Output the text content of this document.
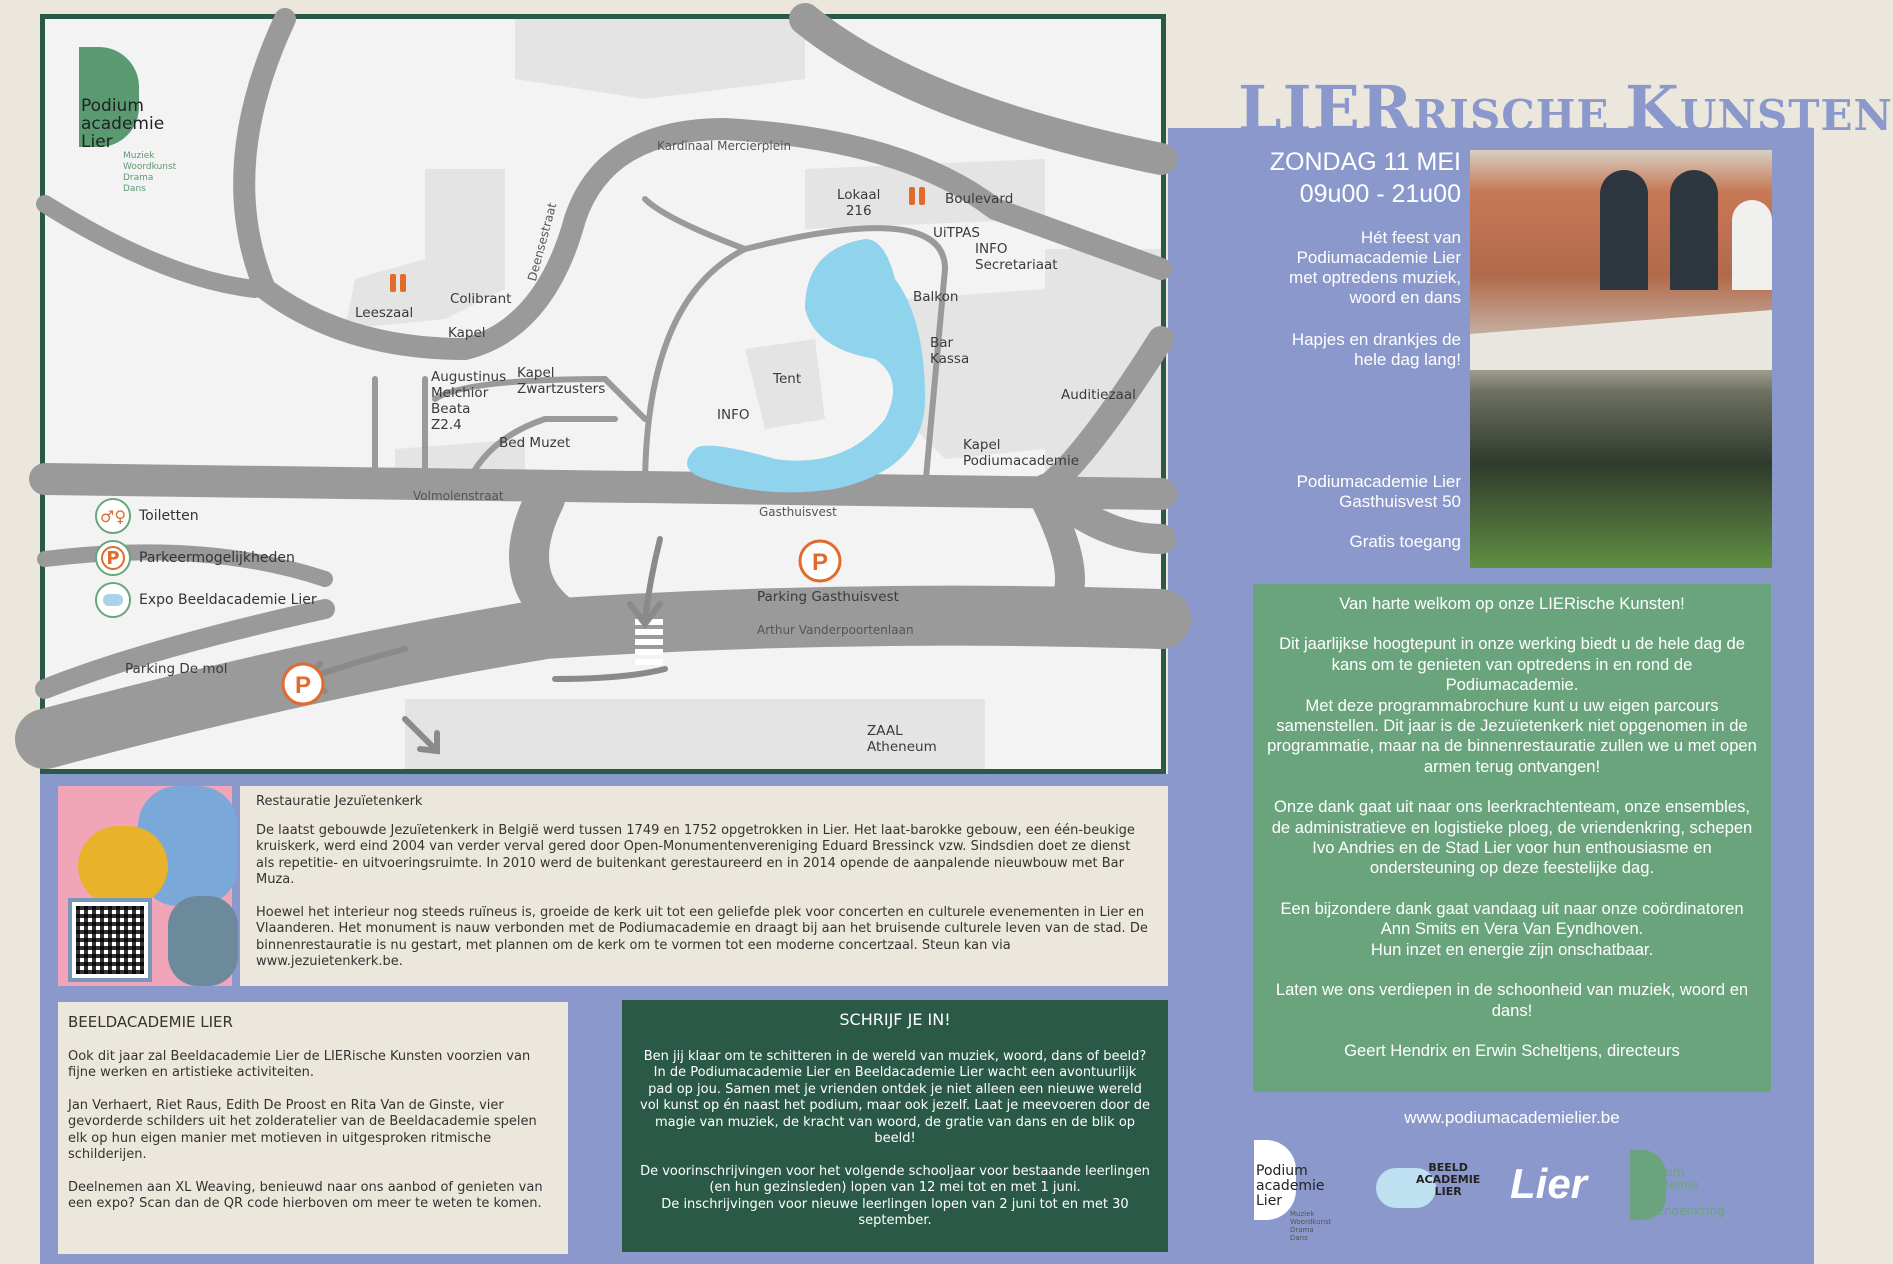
P
P
Podium
academie
Lier
Muziek
Woordkunst
Drama
Dans
Kardinaal Mercierplein
Lokaal
216
Boulevard
UiTPAS
INFO
Secretariaat
Balkon
Bar
Kassa
Tent
INFO
Auditiezaal
Kapel
Podiumacademie
Leeszaal
Colibrant
Kapel
Deensestraat
Augustinus
Melchior
Beata
Z2.4
Kapel
Zwartzusters
Bed Muzet
Volmolenstraat
Gasthuisvest
Parking Gasthuisvest
Arthur Vanderpoortenlaan
Parking De mol
ZAAL
Atheneum
♂♀ Toiletten
P	Parkeermogelijkheden
Expo Beeldacademie Lier
LIERRISCHE KUNSTEN
ZONDAG 11 MEI
09u00 - 21u00
Hét feest van
Podiumacademie Lier
met optredens muziek,
woord en dans
Hapjes en drankjes de
hele dag lang!
Podiumacademie Lier
Gasthuisvest 50
Gratis toegang

Van harte welkom op onze LIERische Kunsten!

Dit jaarlijkse hoogtepunt in onze werking biedt u de hele dag de kans om te genieten van optredens in en rond de Podiumacademie.
Met deze programmabrochure kunt u uw eigen parcours samenstellen. Dit jaar is de Jezuïetenkerk niet opgenomen in de programmatie, maar na de binnenrestauratie zullen we u met open armen terug ontvangen!

Onze dank gaat uit naar ons leerkrachtenteam, onze ensembles, de administratieve en logistieke ploeg, de vriendenkring, schepen Ivo Andries en de Stad Lier voor hun enthousiasme en ondersteuning op deze feestelijke dag.

Een bijzondere dank gaat vandaag uit naar onze coördinatoren Ann Smits en Vera Van Eyndhoven.
Hun inzet en energie zijn onschatbaar.

Laten we ons verdiepen in de schoonheid van muziek, woord en dans!

Geert Hendrix en Erwin Scheltjens, directeurs

www.podiumacademielier.be
Podium
academie
Lier
Muziek
Woordkunst
Drama
Dans
BEELD
ACADEMIE
LIER	Lier	Podium
academie
Lier
Vriendenkring

Restauratie Jezuïetenkerk

De laatst gebouwde Jezuïetenkerk in België werd tussen 1749 en 1752 opgetrokken in Lier. Het laat-barokke gebouw, een één-beukige kruiskerk, werd eind 2004 van verder verval gered door Open-Monumentenvereniging Eduard Bressinck vzw. Sindsdien doet ze dienst als repetitie- en uitvoeringsruimte. In 2010 werd de buitenkant gerestaureerd en in 2014 opende de aanpalende nieuwbouw met Bar Muza.

Hoewel het interieur nog steeds ruïneus is, groeide de kerk uit tot een geliefde plek voor concerten en culturele evenementen in Lier en Vlaanderen. Het monument is nauw verbonden met de Podiumacademie en draagt bij aan het bruisende culturele leven van de stad. De binnenrestauratie is nu gestart, met plannen om de kerk om te vormen tot een moderne concertzaal. Steun kan via www.jezuietenkerk.be.

BEELDACADEMIE LIER

Ook dit jaar zal Beeldacademie Lier de LIERische Kunsten voorzien van fijne werken en artistieke activiteiten.

Jan Verhaert, Riet Raus, Edith De Proost en Rita Van de Ginste, vier gevorderde schilders uit het zolderatelier van de Beeldacademie spelen elk op hun eigen manier met motieven in uitgesproken ritmische schilderijen.

Deelnemen aan XL Weaving, benieuwd naar ons aanbod of genieten van een expo? Scan dan de QR code hierboven om meer te weten te komen.

SCHRIJF JE IN!

Ben jij klaar om te schitteren in de wereld van muziek, woord, dans of beeld? In de Podiumacademie Lier en Beeldacademie Lier wacht een avontuurlijk pad op jou. Samen met je vrienden ontdek je niet alleen een nieuwe wereld vol kunst op én naast het podium, maar ook jezelf. Laat je meevoeren door de magie van muziek, de kracht van woord, de gratie van dans en de blik op beeld!

De voorinschrijvingen voor het volgende schooljaar voor bestaande leerlingen (en hun gezinsleden) lopen van 12 mei tot en met 1 juni.
De inschrijvingen voor nieuwe leerlingen lopen van 2 juni tot en met 30 september.
